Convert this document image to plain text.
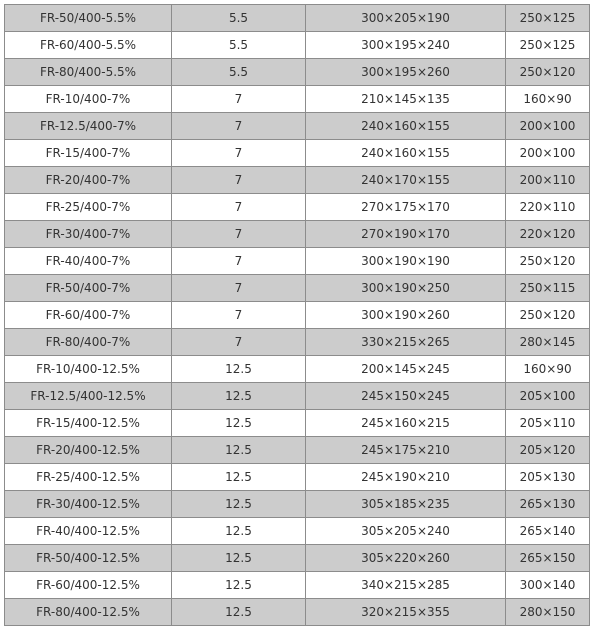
FR-50/400-5.5%	5.5	300×205×190	250×125
FR-60/400-5.5%	5.5	300×195×240	250×125
FR-80/400-5.5%	5.5	300×195×260	250×120
FR-10/400-7%	7	210×145×135	160×90
FR-12.5/400-7%	7	240×160×155	200×100
FR-15/400-7%	7	240×160×155	200×100
FR-20/400-7%	7	240×170×155	200×110
FR-25/400-7%	7	270×175×170	220×110
FR-30/400-7%	7	270×190×170	220×120
FR-40/400-7%	7	300×190×190	250×120
FR-50/400-7%	7	300×190×250	250×115
FR-60/400-7%	7	300×190×260	250×120
FR-80/400-7%	7	330×215×265	280×145
FR-10/400-12.5%	12.5	200×145×245	160×90
FR-12.5/400-12.5%	12.5	245×150×245	205×100
FR-15/400-12.5%	12.5	245×160×215	205×110
FR-20/400-12.5%	12.5	245×175×210	205×120
FR-25/400-12.5%	12.5	245×190×210	205×130
FR-30/400-12.5%	12.5	305×185×235	265×130
FR-40/400-12.5%	12.5	305×205×240	265×140
FR-50/400-12.5%	12.5	305×220×260	265×150
FR-60/400-12.5%	12.5	340×215×285	300×140
FR-80/400-12.5%	12.5	320×215×355	280×150
